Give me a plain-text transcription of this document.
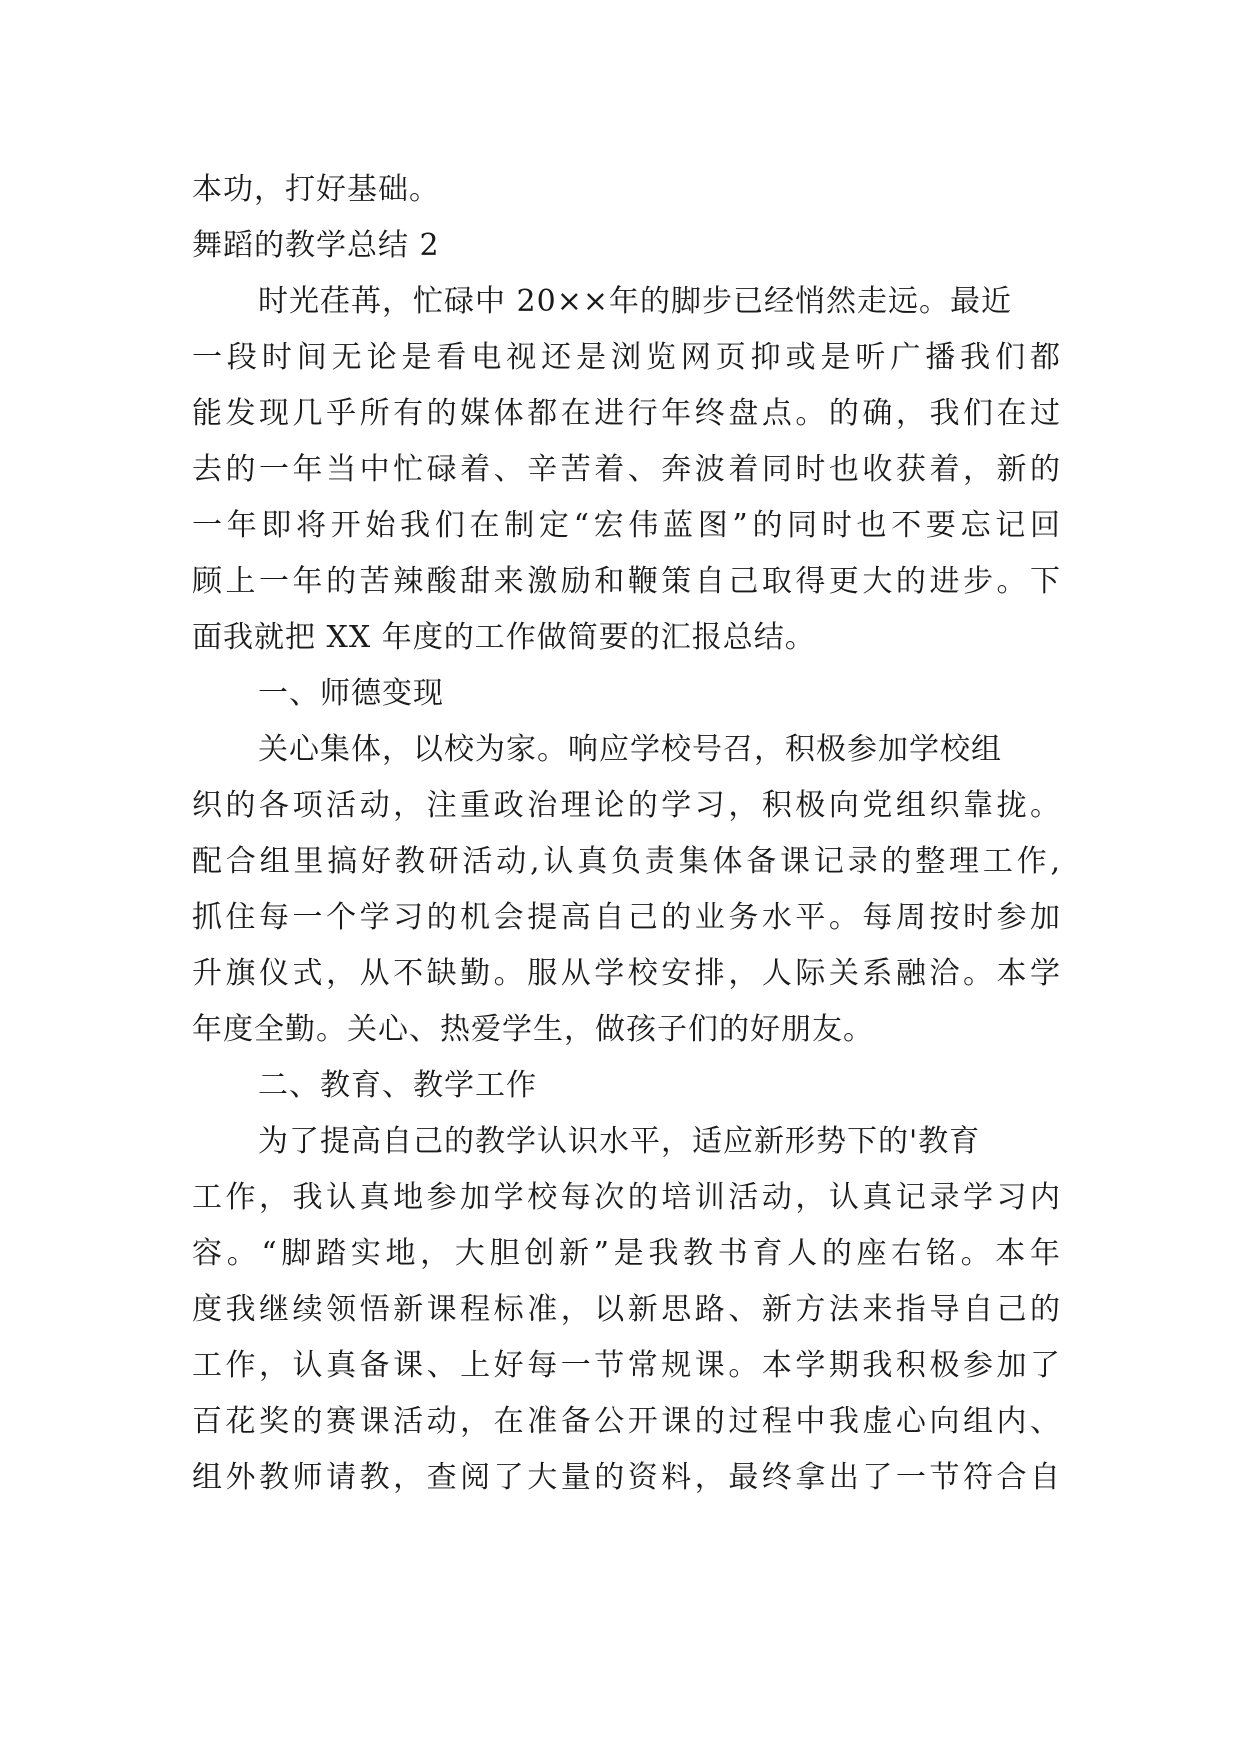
本功，打好基础。
舞蹈的教学总结 2
时光荏苒，忙碌中 20××年的脚步已经悄然走远。最近
一段时间无论是看电视还是浏览网页抑或是听广播我们都
能发现几乎所有的媒体都在进行年终盘点。的确，我们在过
去的一年当中忙碌着、辛苦着、奔波着同时也收获着，新的
一年即将开始我们在制定“宏伟蓝图”的同时也不要忘记回
顾上一年的苦辣酸甜来激励和鞭策自己取得更大的进步。下
面我就把 XX 年度的工作做简要的汇报总结。
一、师德变现
关心集体，以校为家。响应学校号召，积极参加学校组
织的各项活动，注重政治理论的学习，积极向党组织靠拢。
配合组里搞好教研活动,认真负责集体备课记录的整理工作,
抓住每一个学习的机会提高自己的业务水平。每周按时参加
升旗仪式，从不缺勤。服从学校安排，人际关系融洽。本学
年度全勤。关心、热爱学生，做孩子们的好朋友。
二、教育、教学工作
为了提高自己的教学认识水平，适应新形势下的'教育
工作，我认真地参加学校每次的培训活动，认真记录学习内
容。“脚踏实地，大胆创新”是我教书育人的座右铭。本年
度我继续领悟新课程标准，以新思路、新方法来指导自己的
工作，认真备课、上好每一节常规课。本学期我积极参加了
百花奖的赛课活动，在准备公开课的过程中我虚心向组内、
组外教师请教，查阅了大量的资料，最终拿出了一节符合自
